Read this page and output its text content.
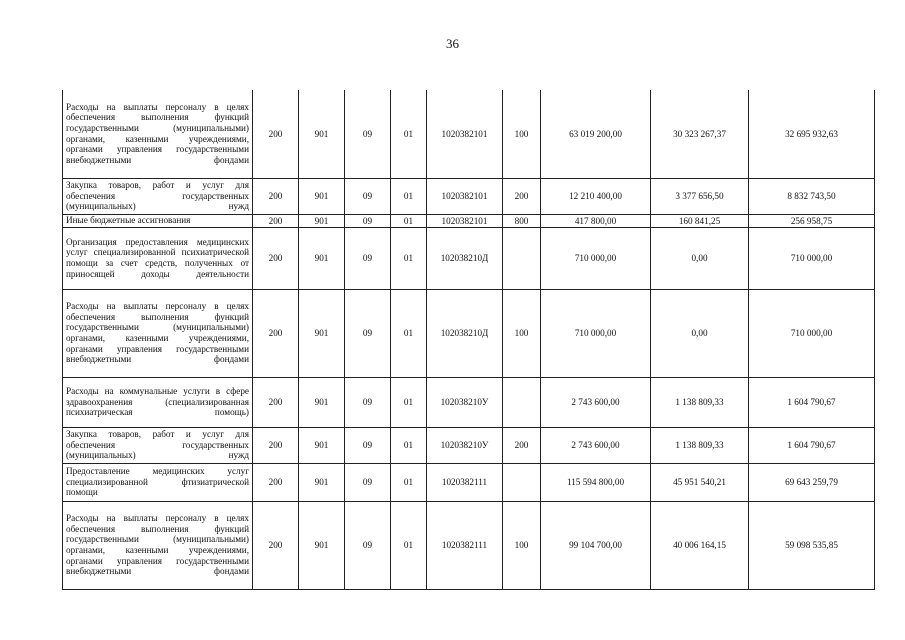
36
Расходы на выплаты персоналу в целях обеспечения выполнения функций государственными (муниципальными) органами, казенными учреждениями, органами управления государственными внебюджетными фондами	200	901	09	01	1020382101	100	63 019 200,00	30 323 267,37	32 695 932,63
Закупка товаров, работ и услуг для обеспечения государственных (муниципальных) нужд	200	901	09	01	1020382101	200	12 210 400,00	3 377 656,50	8 832 743,50
Иные бюджетные ассигнования	200	901	09	01	1020382101	800	417 800,00	160 841,25	256 958,75
Организация предоставления медицинских услуг специализированной психиатрической помощи за счет средств, полученных от приносящей доходы деятельности	200	901	09	01	102038210Д		710 000,00	0,00	710 000,00
Расходы на выплаты персоналу в целях обеспечения выполнения функций государственными (муниципальными) органами, казенными учреждениями, органами управления государственными внебюджетными фондами	200	901	09	01	102038210Д	100	710 000,00	0,00	710 000,00
Расходы на коммунальные услуги в сфере здравоохранения (специализированная психиатрическая помощь)	200	901	09	01	102038210У		2 743 600,00	1 138 809,33	1 604 790,67
Закупка товаров, работ и услуг для обеспечения государственных (муниципальных) нужд	200	901	09	01	102038210У	200	2 743 600,00	1 138 809,33	1 604 790,67
Предоставление медицинских услуг специализированной фтизиатрической помощи	200	901	09	01	1020382111		115 594 800,00	45 951 540,21	69 643 259,79
Расходы на выплаты персоналу в целях обеспечения выполнения функций государственными (муниципальными) органами, казенными учреждениями, органами управления государственными внебюджетными фондами	200	901	09	01	1020382111	100	99 104 700,00	40 006 164,15	59 098 535,85
